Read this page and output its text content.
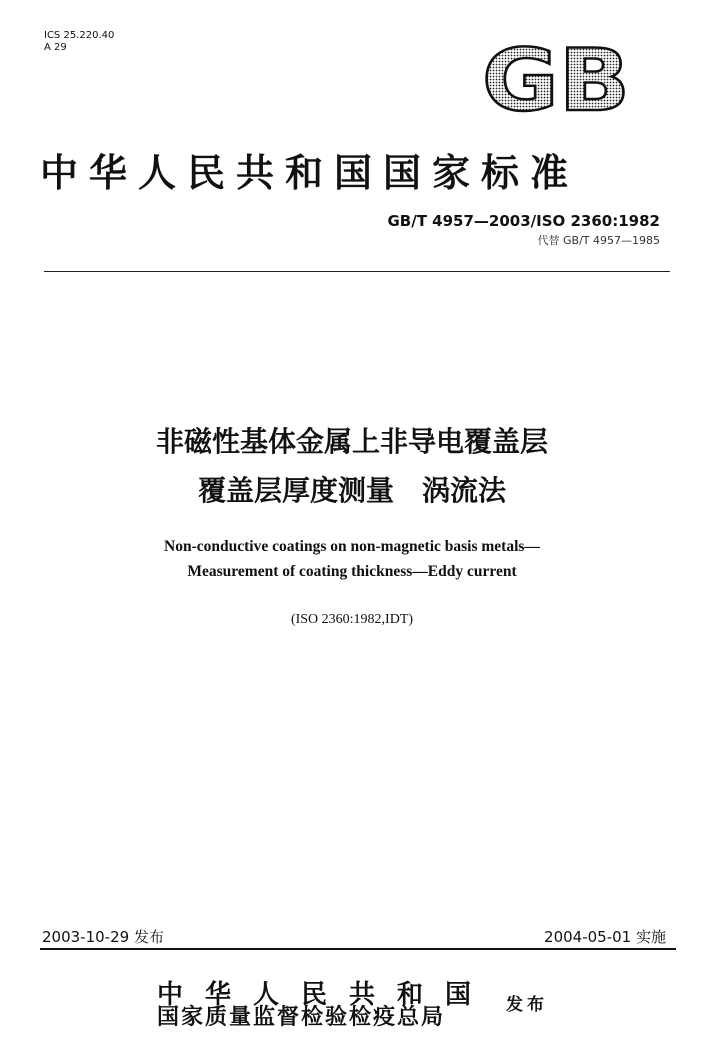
ICS 25.220.40
A 29	GB
中华人民共和国国家标准
GB/T 4957—2003/ISO 2360:1982
代替 GB/T 4957—1985
非磁性基体金属上非导电覆盖层
覆盖层厚度测量　涡流法
Non-conductive coatings on non-magnetic basis metals—
Measurement of coating thickness—Eddy current
(ISO 2360:1982,IDT)
2003-10-29 发布	2004-05-01 实施
中华人民共和国
国家质量监督检验检疫总局	发布
